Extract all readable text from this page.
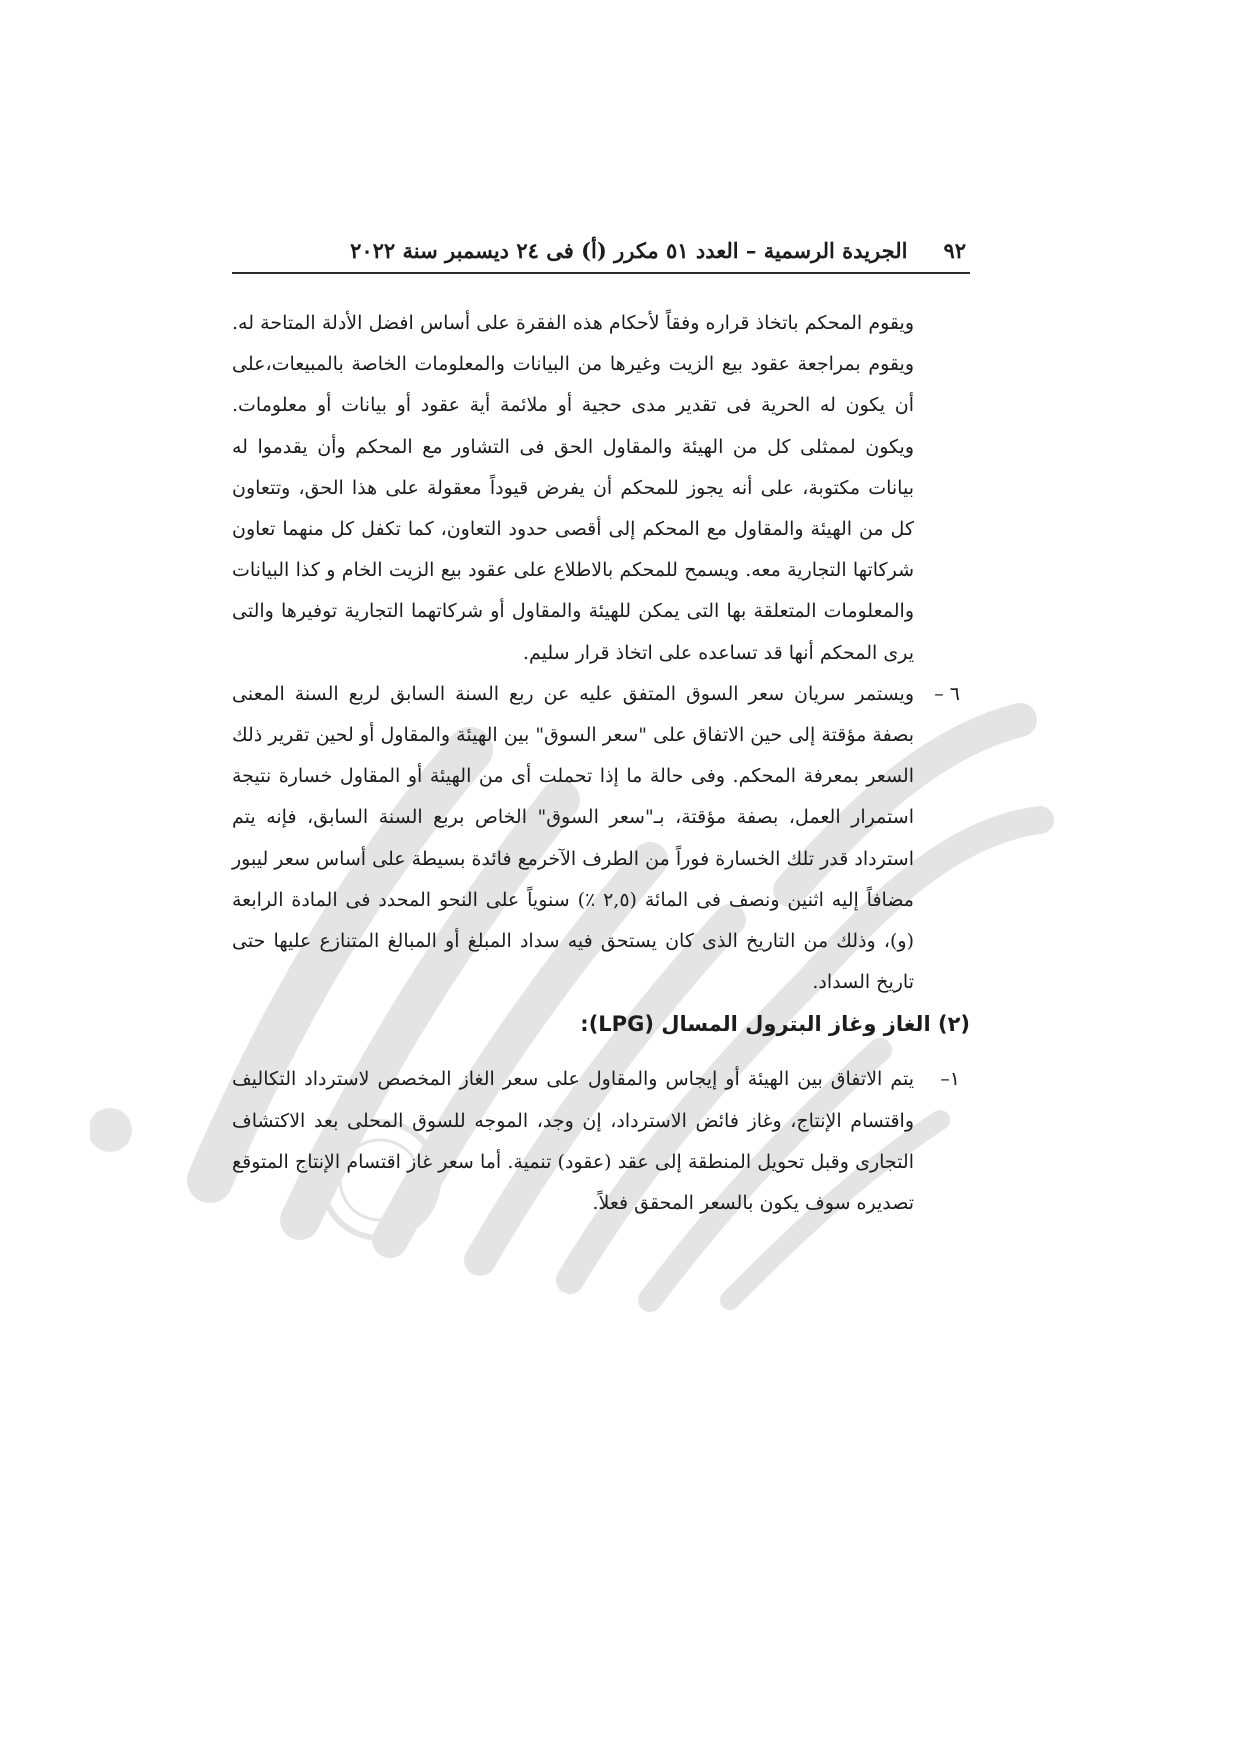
٩٢
الجريدة الرسمية – العدد ٥١ مكرر (أ) فى ٢٤ ديسمبر سنة ٢٠٢٢

ويقوم المحكم باتخاذ قراره وفقاً لأحكام هذه الفقرة على أساس افضل الأدلة المتاحة له. ويقوم بمراجعة عقود بيع الزيت وغيرها من البيانات والمعلومات الخاصة بالمبيعات،على أن يكون له الحرية فى تقدير مدى حجية أو ملائمة أية عقود أو بيانات أو معلومات. ويكون لممثلى كل من الهيئة والمقاول الحق فى التشاور مع المحكم وأن يقدموا له بيانات مكتوبة، على أنه يجوز للمحكم أن يفرض قيوداً معقولة على هذا الحق، وتتعاون كل من الهيئة والمقاول مع المحكم إلى أقصى حدود التعاون، كما تكفل كل منهما تعاون شركاتها التجارية معه. ويسمح للمحكم بالاطلاع على عقود بيع الزيت الخام و كذا البيانات والمعلومات المتعلقة بها التى يمكن للهيئة والمقاول أو شركاتهما التجارية توفيرها والتى يرى المحكم أنها قد تساعده على اتخاذ قرار سليم.

٦ –
ويستمر سريان سعر السوق المتفق عليه عن ربع السنة السابق لربع السنة المعنى بصفة مؤقتة إلى حين الاتفاق على "سعر السوق" بين الهيئة والمقاول أو لحين تقرير ذلك السعر بمعرفة المحكم. وفى حالة ما إذا تحملت أى من الهيئة أو المقاول خسارة نتيجة استمرار العمل، بصفة مؤقتة، بـ"سعر السوق" الخاص بربع السنة السابق، فإنه يتم استرداد قدر تلك الخسارة فوراً من الطرف الآخرمع فائدة بسيطة على أساس سعر ليبور مضافاً إليه اثنين ونصف فى المائة (٢,٥ ٪) سنوياً على النحو المحدد فى المادة الرابعة (و)، وذلك من التاريخ الذى كان يستحق فيه سداد المبلغ أو المبالغ المتنازع عليها حتى تاريخ السداد.
(٢) الغاز وغاز البترول المسال (LPG):
١–
يتم الاتفاق بين الهيئة أو إيجاس والمقاول على سعر الغاز المخصص لاسترداد التكاليف واقتسام الإنتاج، وغاز فائض الاسترداد، إن وجد، الموجه للسوق المحلى بعد الاكتشاف التجارى وقبل تحويل المنطقة إلى عقد (عقود) تنمية. أما سعر غاز اقتسام الإنتاج المتوقع تصديره سوف يكون بالسعر المحقق فعلاً.
